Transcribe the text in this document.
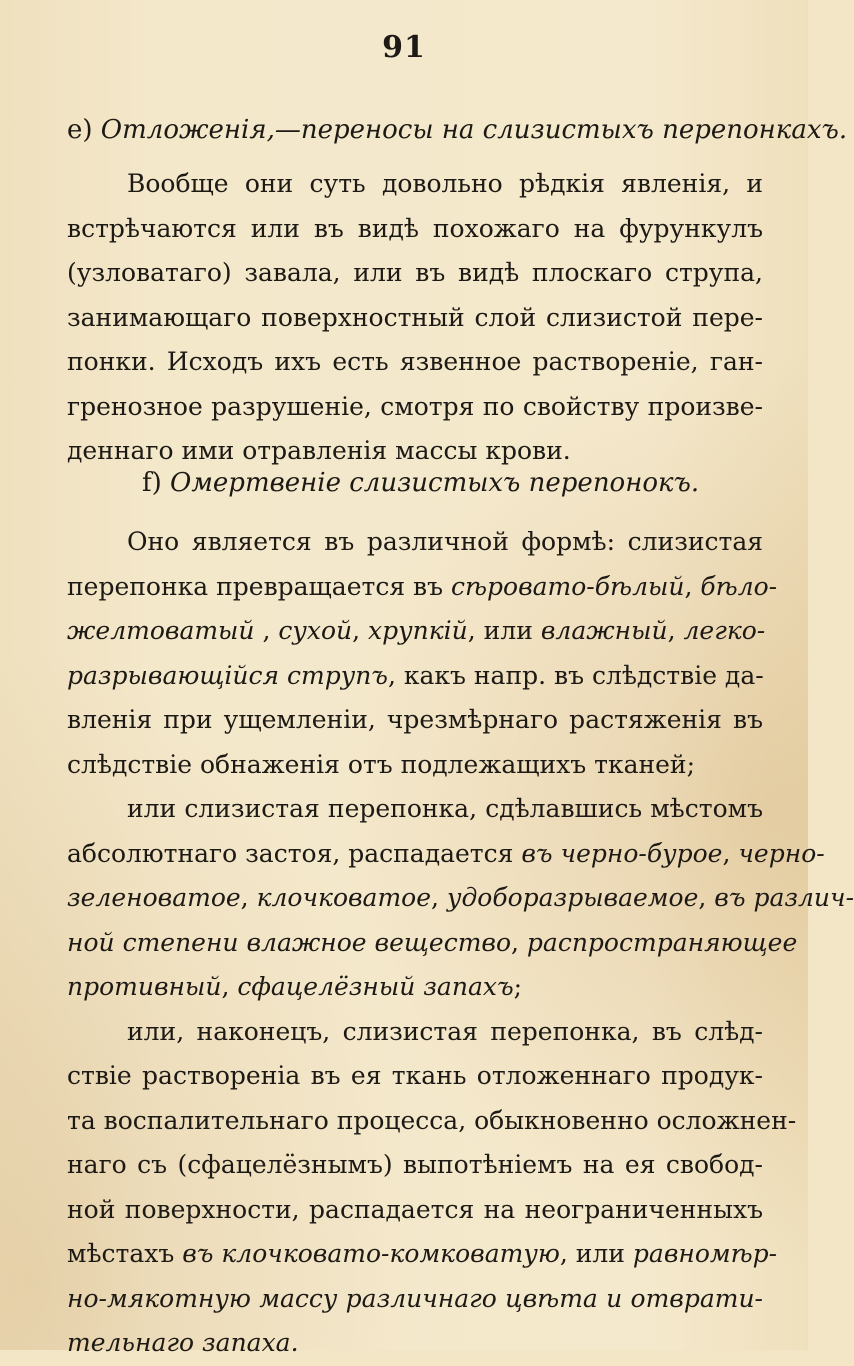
91
e) Отложенія,—переносы на слизистыхъ перепонкахъ.
Вообще они суть довольно рѣдкія явленія, и
встрѣчаются или въ видѣ похожаго на фурункулъ
(узловатаго) завала, или въ видѣ плоскаго струпа,
занимающаго поверхностный слой слизистой пере-
понки. Исходъ ихъ есть язвенное раствореніе, ган-
гренозное разрушеніе, смотря по свойству произве-
деннаго ими отравленія массы крови.
f) Омертвеніе слизистыхъ перепонокъ.
Оно является въ различной формѣ: слизистая
перепонка превращается въ сѣровато-бѣлый, бѣло-
желтоватый , сухой, хрупкій, или влажный, легко-
разрывающійся струпъ, какъ напр. въ слѣдствіе да-
вленія при ущемленіи, чрезмѣрнаго растяженія въ
слѣдствіе обнаженія отъ подлежащихъ тканей;
или слизистая перепонка, сдѣлавшись мѣстомъ
абсолютнаго застоя, распадается въ черно-бурое, черно-
зеленоватое, клочковатое, удоборазрываемое, въ различ-
ной степени влажное вещество, распространяющее
противный, сфацелёзный запахъ;
или, наконецъ, слизистая перепонка, въ слѣд-
ствіе раствореніа въ ея ткань отложеннаго продук-
та воспалительнаго процесса, обыкновенно осложнен-
наго съ (сфацелёзнымъ) выпотѣніемъ на ея свобод-
ной поверхности, распадается на неограниченныхъ
мѣстахъ въ клочковато-комковатую, или равномѣр-
но-мякотную массу различнаго цвѣта и отврати-
тельнаго запаха.
